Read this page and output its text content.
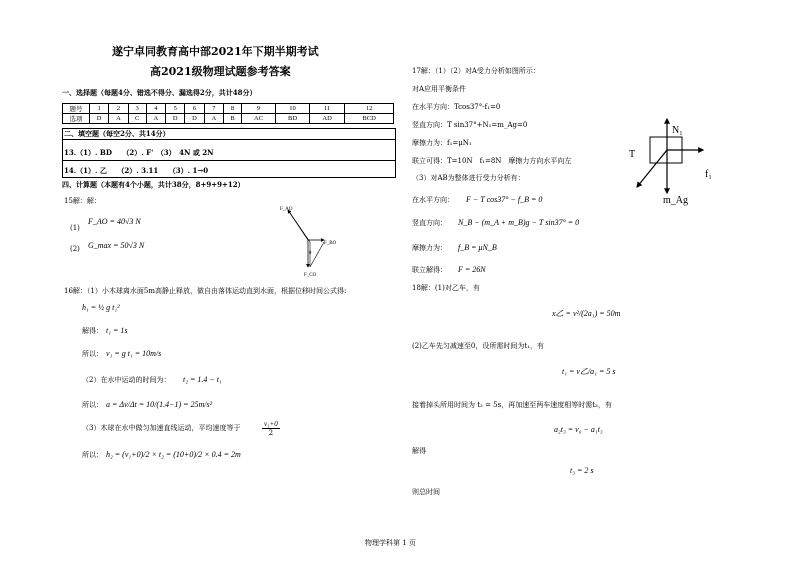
遂宁卓同教育高中部2021年下期半期考试
高2021级物理试题参考答案
一、选择题（每题4分、错选不得分、漏选得2分，共计48分）
题号	1	2	3	4	5	6	7	8	9	10	11	12
选项	D	A	C	A	D	D	A	B	AC	BD	AD	BCD
二、填空题（每空2分、共14分）
13.（1）. BD　　（2）. F'　（3）　4N 或 2N
14.（1）. 乙　　（2）. 3.11　　（3）. 1→0
四、计算题（本题有4个小题，共计38分，8+9+9+12）
15解：解：
(1)
F_AO = 40√3 N
(2) G_max = 50√3 N
F_AO
F_BO
F_CO
θ
16解：（1）小木球离水面5m高静止释放，做自由落体运动直到水面，根据位移时间公式得:
h₁ = ½ g t₁²
解得： t₁ = 1s
所以： v₁ = g t₁ = 10m/s
（2）在水中运动的时间为： t₂ = 1.4 − t₁
所以： a = Δv/Δt = 10/(1.4−1) = 25m/s²
（3）木球在水中做匀加速直线运动，平均速度等于	$\frac{\text{v₁+0}}{2}$
所以： h₂ = (v₁+0)/2 × t₂ = (10+0)/2 × 0.4 = 2m
17解：（1）（2）对A受力分析如图所示：
对A应用平衡条件
在水平方向：Tcos37°-f₁=0
竖直方向：T sin37°+N₁=m_Ag=0
摩擦力为：f₁=μN₁
联立可得：T=10N　f₁=8N　摩擦力方向水平向左
（3）对AB为整体进行受力分析有：
在水平方向： F − T cos37° − f_B = 0
竖直方向： N_B − (m_A + m_B)g − T sin37° = 0
摩擦力为： f_B = μN_B
联立解得： F = 26N
N₁
T
f₁
m_Ag
18解：(1)对乙车，有
x乙 = v²/(2a₁) = 50m
(2)乙车先匀减速至0，设所需时间为t₁，有
t₁ = v乙/a₁ = 5 s
接着掉头所用时间为 t₂ = 5s，再加速至两车速度相等时需t₃，有
a₂t₃ = v₀ − a₁t₃
解得
t₃ = 2 s
则总时间
物理学科第 1 页
